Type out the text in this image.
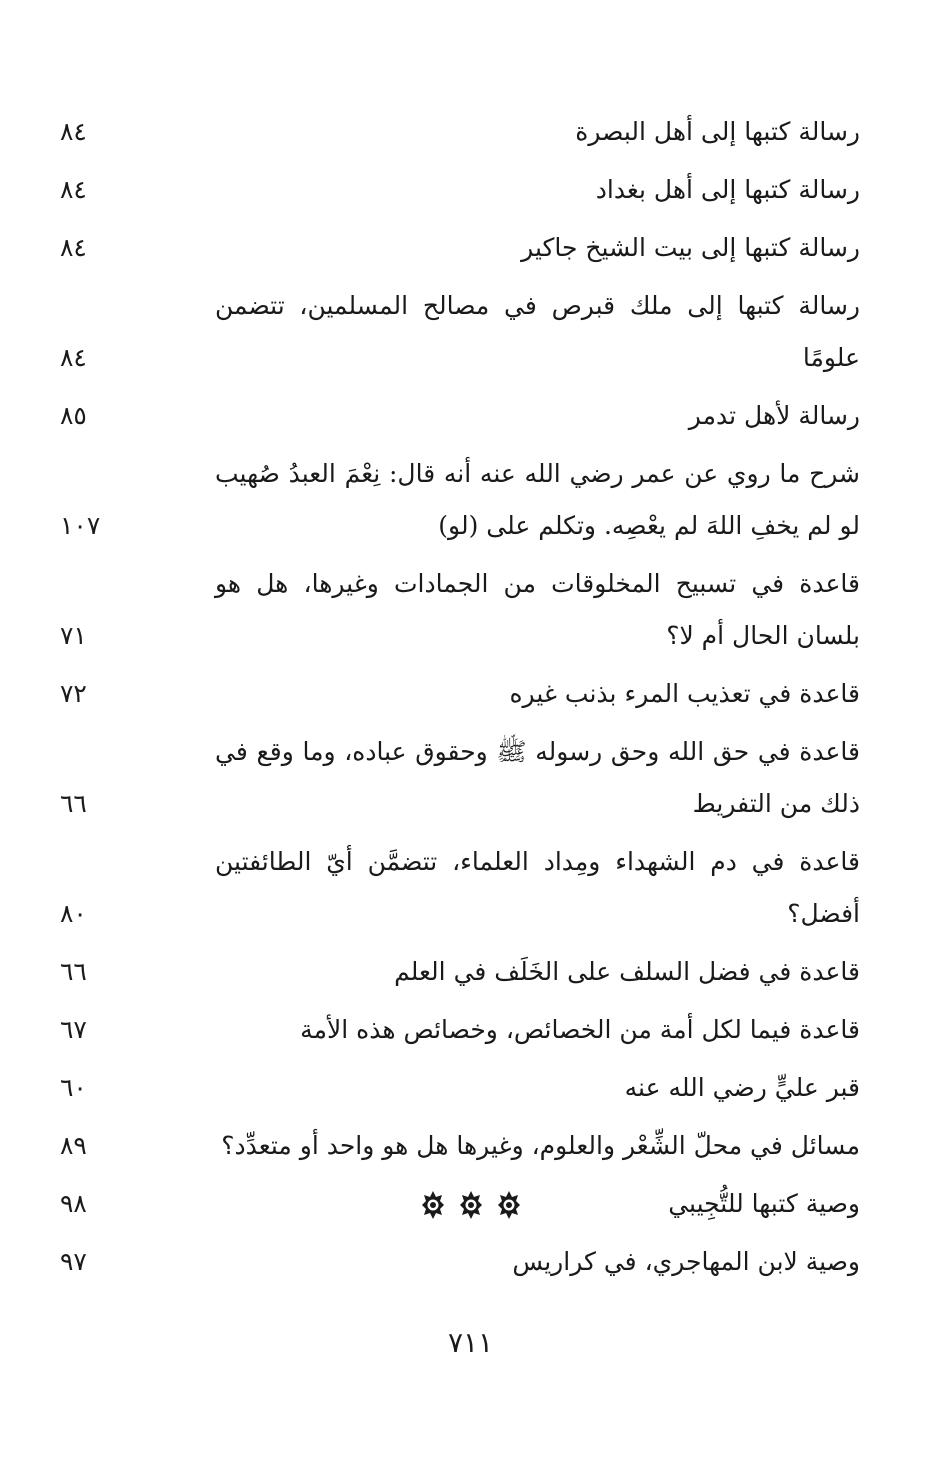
رسالة كتبها إلى أهل البصرة
٨٤
رسالة كتبها إلى أهل بغداد
٨٤
رسالة كتبها إلى بيت الشيخ جاكير
٨٤
رسالة كتبها إلى ملك قبرص في مصالح المسلمين، تتضمن علومًا
٨٤
رسالة لأهل تدمر
٨٥
شرح ما روي عن عمر رضي الله عنه أنه قال: نِعْمَ العبدُ صُهيب لو لم يخفِ اللهَ لم يعْصِه. وتكلم على (لو)
١٠٧
قاعدة في تسبيح المخلوقات من الجمادات وغيرها، هل هو بلسان الحال أم لا؟
٧١
قاعدة في تعذيب المرء بذنب غيره
٧٢
قاعدة في حق الله وحق رسوله ﷺ وحقوق عباده، وما وقع في ذلك من التفريط
٦٦
قاعدة في دم الشهداء ومِداد العلماء، تتضمَّن أيّ الطائفتين أفضل؟
٨٠
قاعدة في فضل السلف على الخَلَف في العلم
٦٦
قاعدة فيما لكل أمة من الخصائص، وخصائص هذه الأمة
٦٧
قبر عليٍّ رضي الله عنه
٦٠
مسائل في محلّ الشِّعْر والعلوم، وغيرها هل هو واحد أو متعدِّد؟
٨٩
وصية كتبها للتُّجِيبي
٩٨
وصية لابن المهاجري، في كراريس
٩٧
٧١١
